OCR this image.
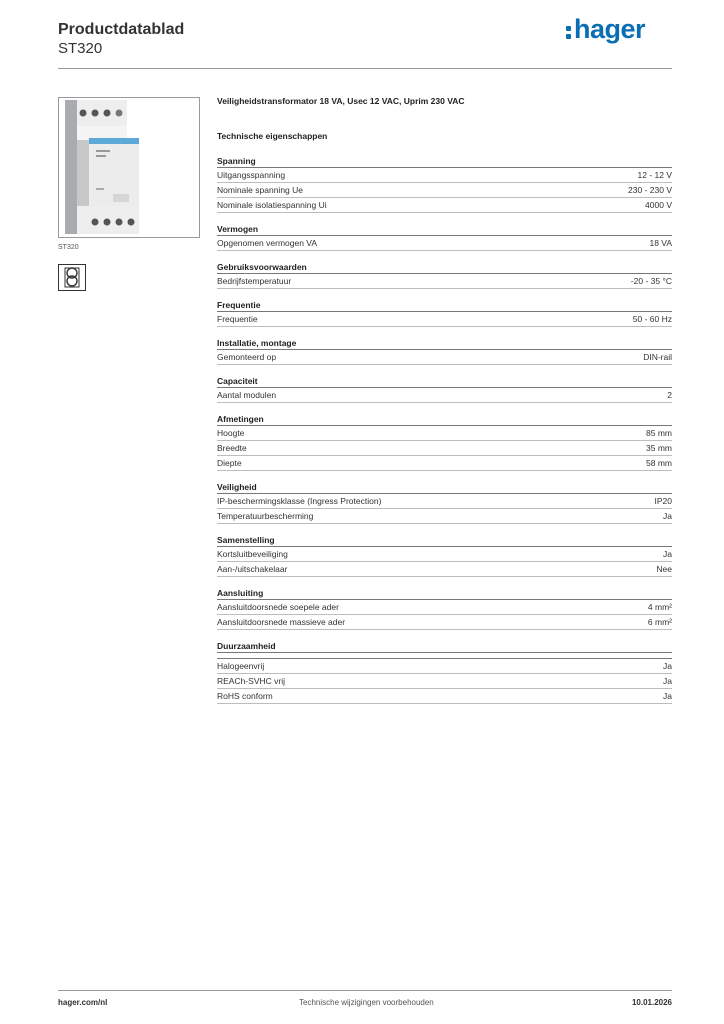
Productdatablad
ST320
hager
ST320
Veiligheidstransformator 18 VA, Usec 12 VAC, Uprim 230 VAC
Technische eigenschappen
Spanning
Uitgangsspanning	12 - 12 V
Nominale spanning Ue	230 - 230 V
Nominale isolatiespanning Ui	4000 V
Vermogen
Opgenomen vermogen VA	18 VA
Gebruiksvoorwaarden
Bedrijfstemperatuur	-20 - 35 °C
Frequentie
Frequentie	50 - 60 Hz
Installatie, montage
Gemonteerd op	DIN-rail
Capaciteit
Aantal modulen	2
Afmetingen
Hoogte	85 mm
Breedte	35 mm
Diepte	58 mm
Veiligheid
IP-beschermingsklasse (Ingress Protection)	IP20
Temperatuurbescherming	Ja
Samenstelling
Kortsluitbeveiliging	Ja
Aan-/uitschakelaar	Nee
Aansluiting
Aansluitdoorsnede soepele ader	4 mm²
Aansluitdoorsnede massieve ader	6 mm²
Duurzaamheid
Halogeenvrij	Ja
REACh-SVHC vrij	Ja
RoHS conform	Ja
hager.com/nl	Technische wijzigingen voorbehouden	10.01.2026
